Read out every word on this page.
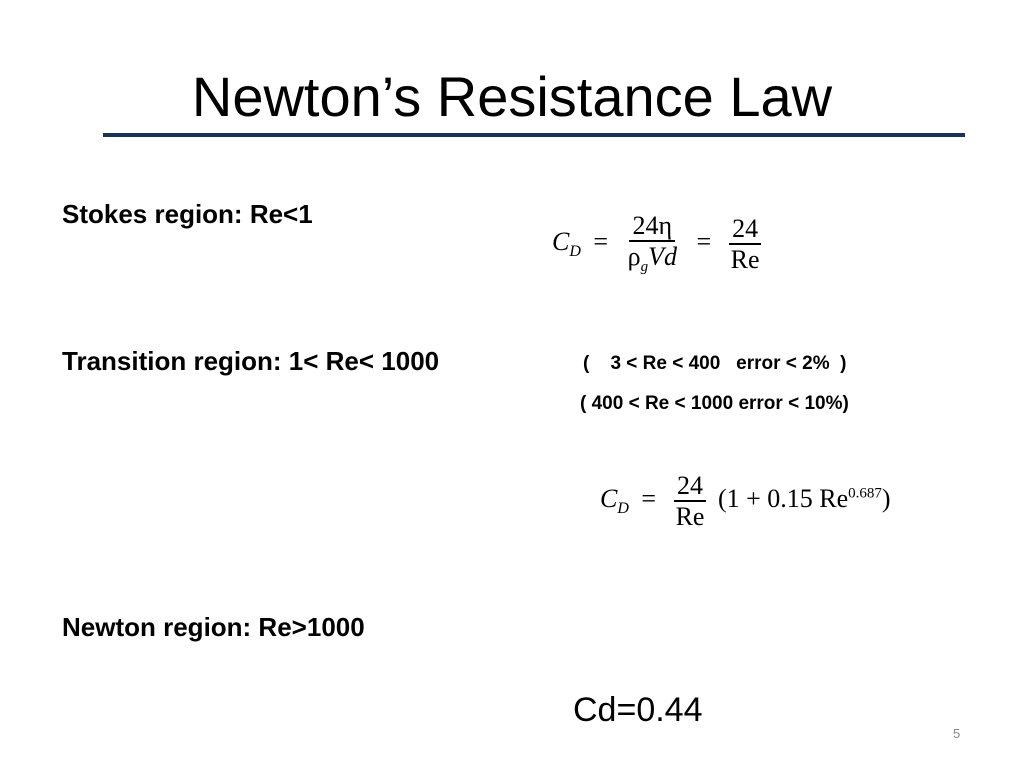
Newton’s Resistance Law
Stokes region: Re<1
$C_D = \frac{24\eta}{\rho_gVd} = \frac{24}{Re}$
Transition region: 1< Re< 1000	(    3 < Re < 400   error < 2%  )
( 400 < Re < 1000 error < 10%)
$C_D = \frac{24}{Re} (1 + 0.15$ $Re^{0.687}$)
Newton region: Re>1000
Cd=0.44
5
